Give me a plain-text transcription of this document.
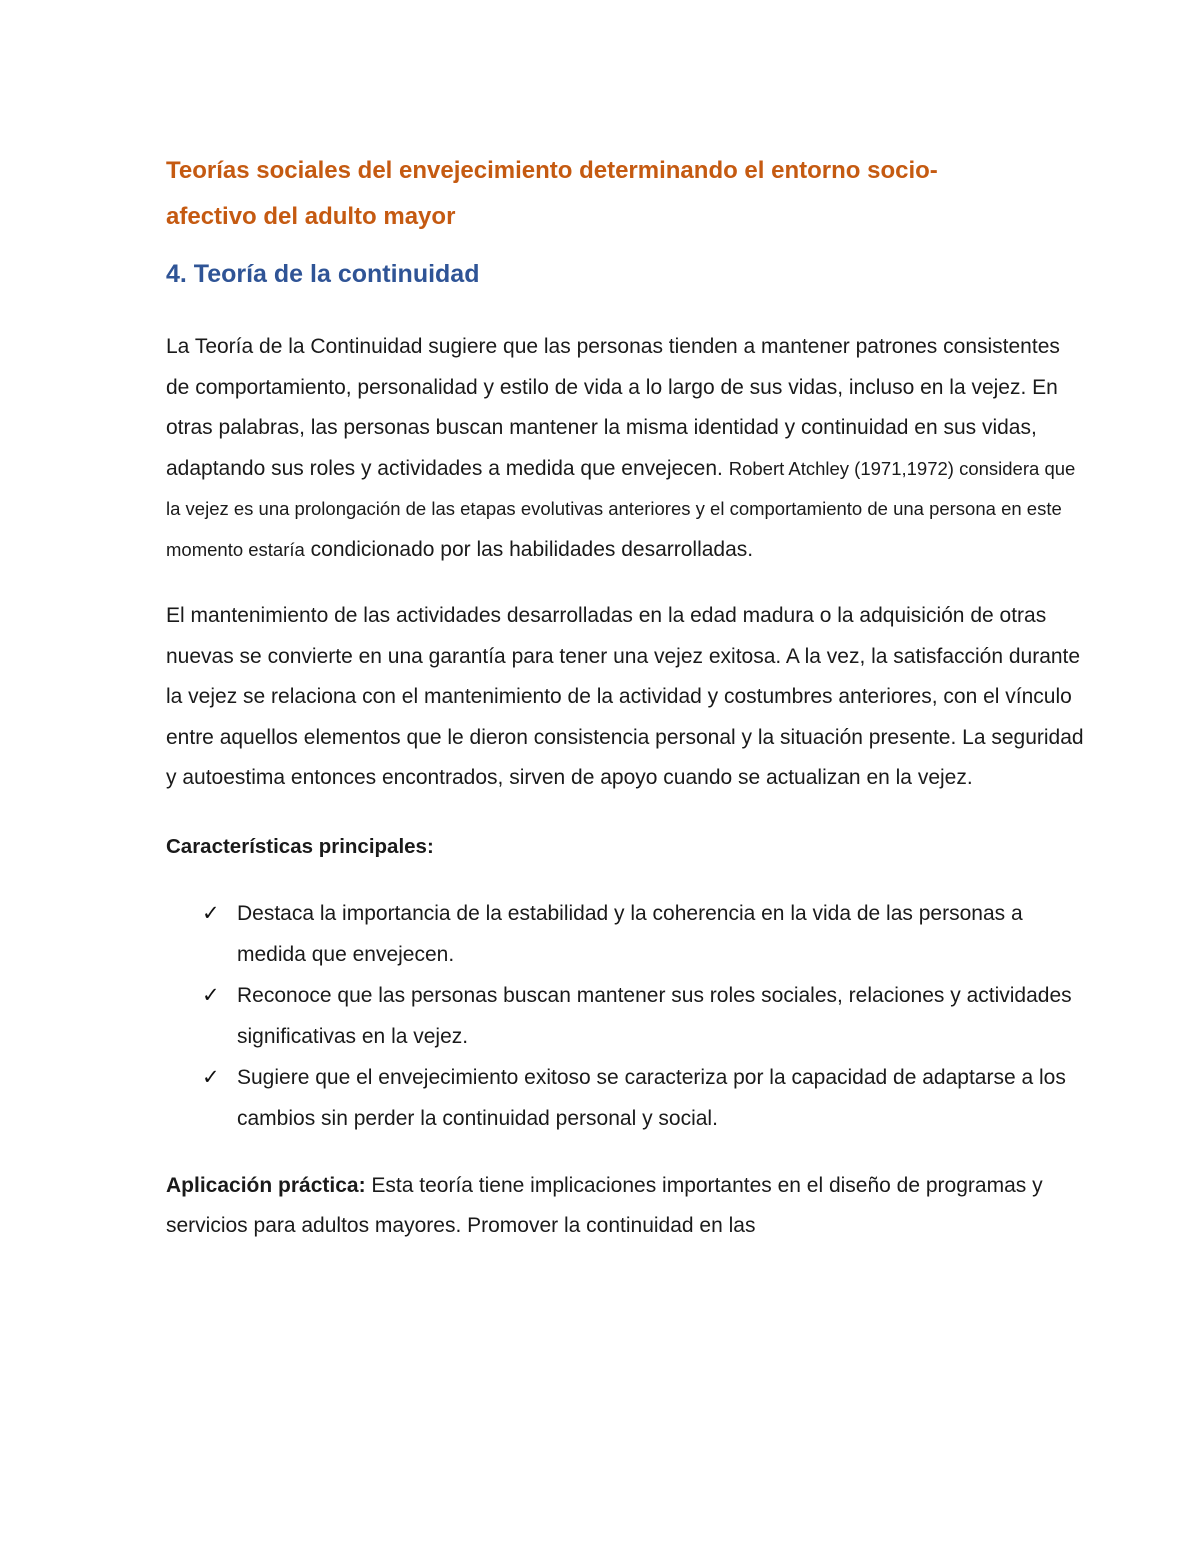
Teorías sociales del envejecimiento determinando el entorno socio-
afectivo del adulto mayor
4. Teoría de la continuidad

La Teoría de la Continuidad sugiere que las personas tienden a mantener patrones consistentes de comportamiento, personalidad y estilo de vida a lo largo de sus vidas, incluso en la vejez. En otras palabras, las personas buscan mantener la misma identidad y continuidad en sus vidas, adaptando sus roles y actividades a medida que envejecen. Robert Atchley (1971,1972) considera que la vejez es una prolongación de las etapas evolutivas anteriores y el comportamiento de una persona en este momento estaría condicionado por las habilidades desarrolladas.

El mantenimiento de las actividades desarrolladas en la edad madura o la adquisición de otras nuevas se convierte en una garantía para tener una vejez exitosa. A la vez, la satisfacción durante la vejez se relaciona con el mantenimiento de la actividad y costumbres anteriores, con el vínculo entre aquellos elementos que le dieron consistencia personal y la situación presente. La seguridad y autoestima entonces encontrados, sirven de apoyo cuando se actualizan en la vejez.

Características principales:
✓ Destaca la importancia de la estabilidad y la coherencia en la vida de las personas a medida que envejecen.
✓ Reconoce que las personas buscan mantener sus roles sociales, relaciones y actividades significativas en la vejez.
✓ Sugiere que el envejecimiento exitoso se caracteriza por la capacidad de adaptarse a los cambios sin perder la continuidad personal y social.

Aplicación práctica: Esta teoría tiene implicaciones importantes en el diseño de programas y servicios para adultos mayores. Promover la continuidad en las
